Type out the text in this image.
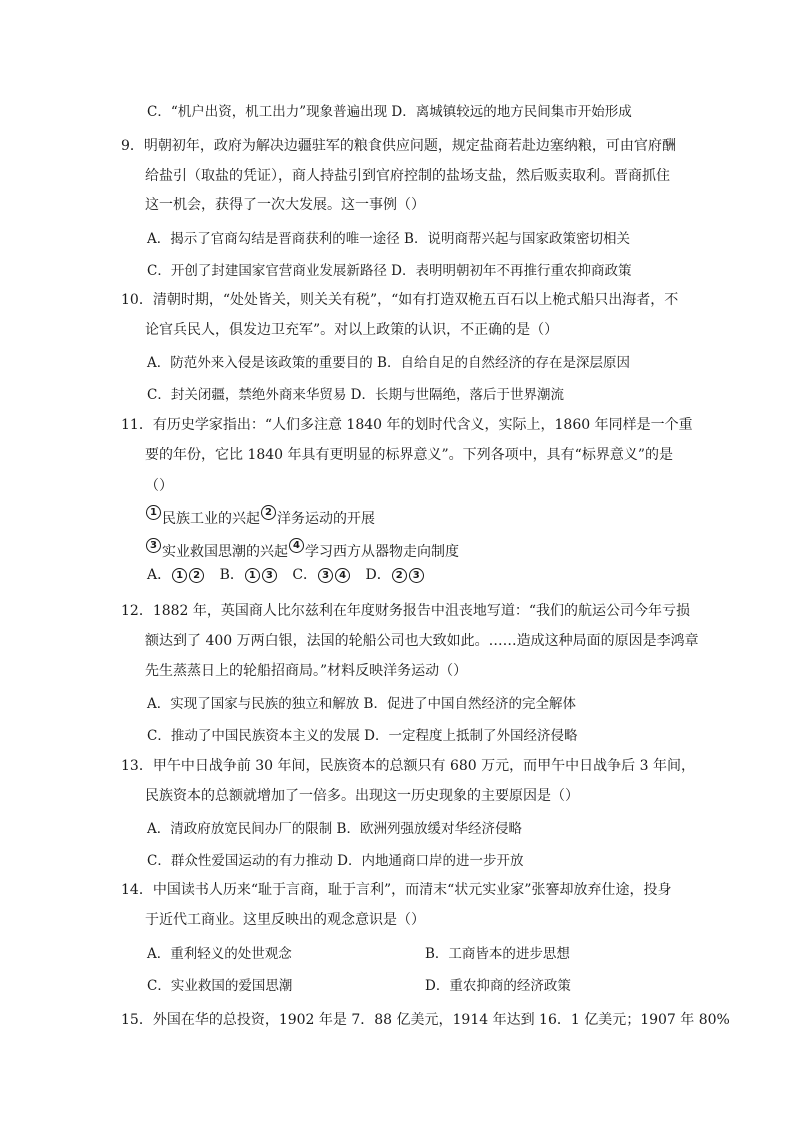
C．“机户出资，机工出力”现象普遍出现 D．离城镇较远的地方民间集市开始形成
9．明朝初年，政府为解决边疆驻军的粮食供应问题，规定盐商若赴边塞纳粮，可由官府酬
给盐引（取盐的凭证），商人持盐引到官府控制的盐场支盐，然后贩卖取利。晋商抓住
这一机会，获得了一次大发展。这一事例（）
A．揭示了官商勾结是晋商获利的唯一途径 B．说明商帮兴起与国家政策密切相关
C．开创了封建国家官营商业发展新路径 D．表明明朝初年不再推行重农抑商政策
10．清朝时期，“处处皆关，则关关有税”，“如有打造双桅五百石以上桅式船只出海者，不
论官兵民人，俱发边卫充军”。对以上政策的认识，不正确的是（）
A．防范外来入侵是该政策的重要目的 B．自给自足的自然经济的存在是深层原因
C．封关闭疆，禁绝外商来华贸易 D．长期与世隔绝，落后于世界潮流
11．有历史学家指出：“人们多注意 1840 年的划时代含义，实际上，1860 年同样是一个重
要的年份，它比 1840 年具有更明显的标界意义”。下列各项中，具有“标界意义”的是
（）
12．1882 年，英国商人比尔兹利在年度财务报告中沮丧地写道：“我们的航运公司今年亏损
额达到了 400 万两白银，法国的轮船公司也大致如此。……造成这种局面的原因是李鸿章
先生蒸蒸日上的轮船招商局。”材料反映洋务运动（）
A．实现了国家与民族的独立和解放 B．促进了中国自然经济的完全解体
C．推动了中国民族资本主义的发展 D．一定程度上抵制了外国经济侵略
13．甲午中日战争前 30 年间，民族资本的总额只有 680 万元，而甲午中日战争后 3 年间，
民族资本的总额就增加了一倍多。出现这一历史现象的主要原因是（）
A．清政府放宽民间办厂的限制 B．欧洲列强放缓对华经济侵略
C．群众性爱国运动的有力推动 D．内地通商口岸的进一步开放
14．中国读书人历来“耻于言商，耻于言利”，而清末“状元实业家”张謇却放弃仕途，投身
于近代工商业。这里反映出的观念意识是（）
15．外国在华的总投资，1902 年是 7．88 亿美元，1914 年达到 16．1 亿美元；1907 年 80%
1 民族工业的兴起 2 洋务运动的开展
3 实业救国思潮的兴起 4 学习西方从器物走向制度
A． 1 2 B． 1 3 C． 3 4 D． 2 3
A．重利轻义的处世观念	B．工商皆本的进步思想
C．实业救国的爱国思潮	D．重农抑商的经济政策
